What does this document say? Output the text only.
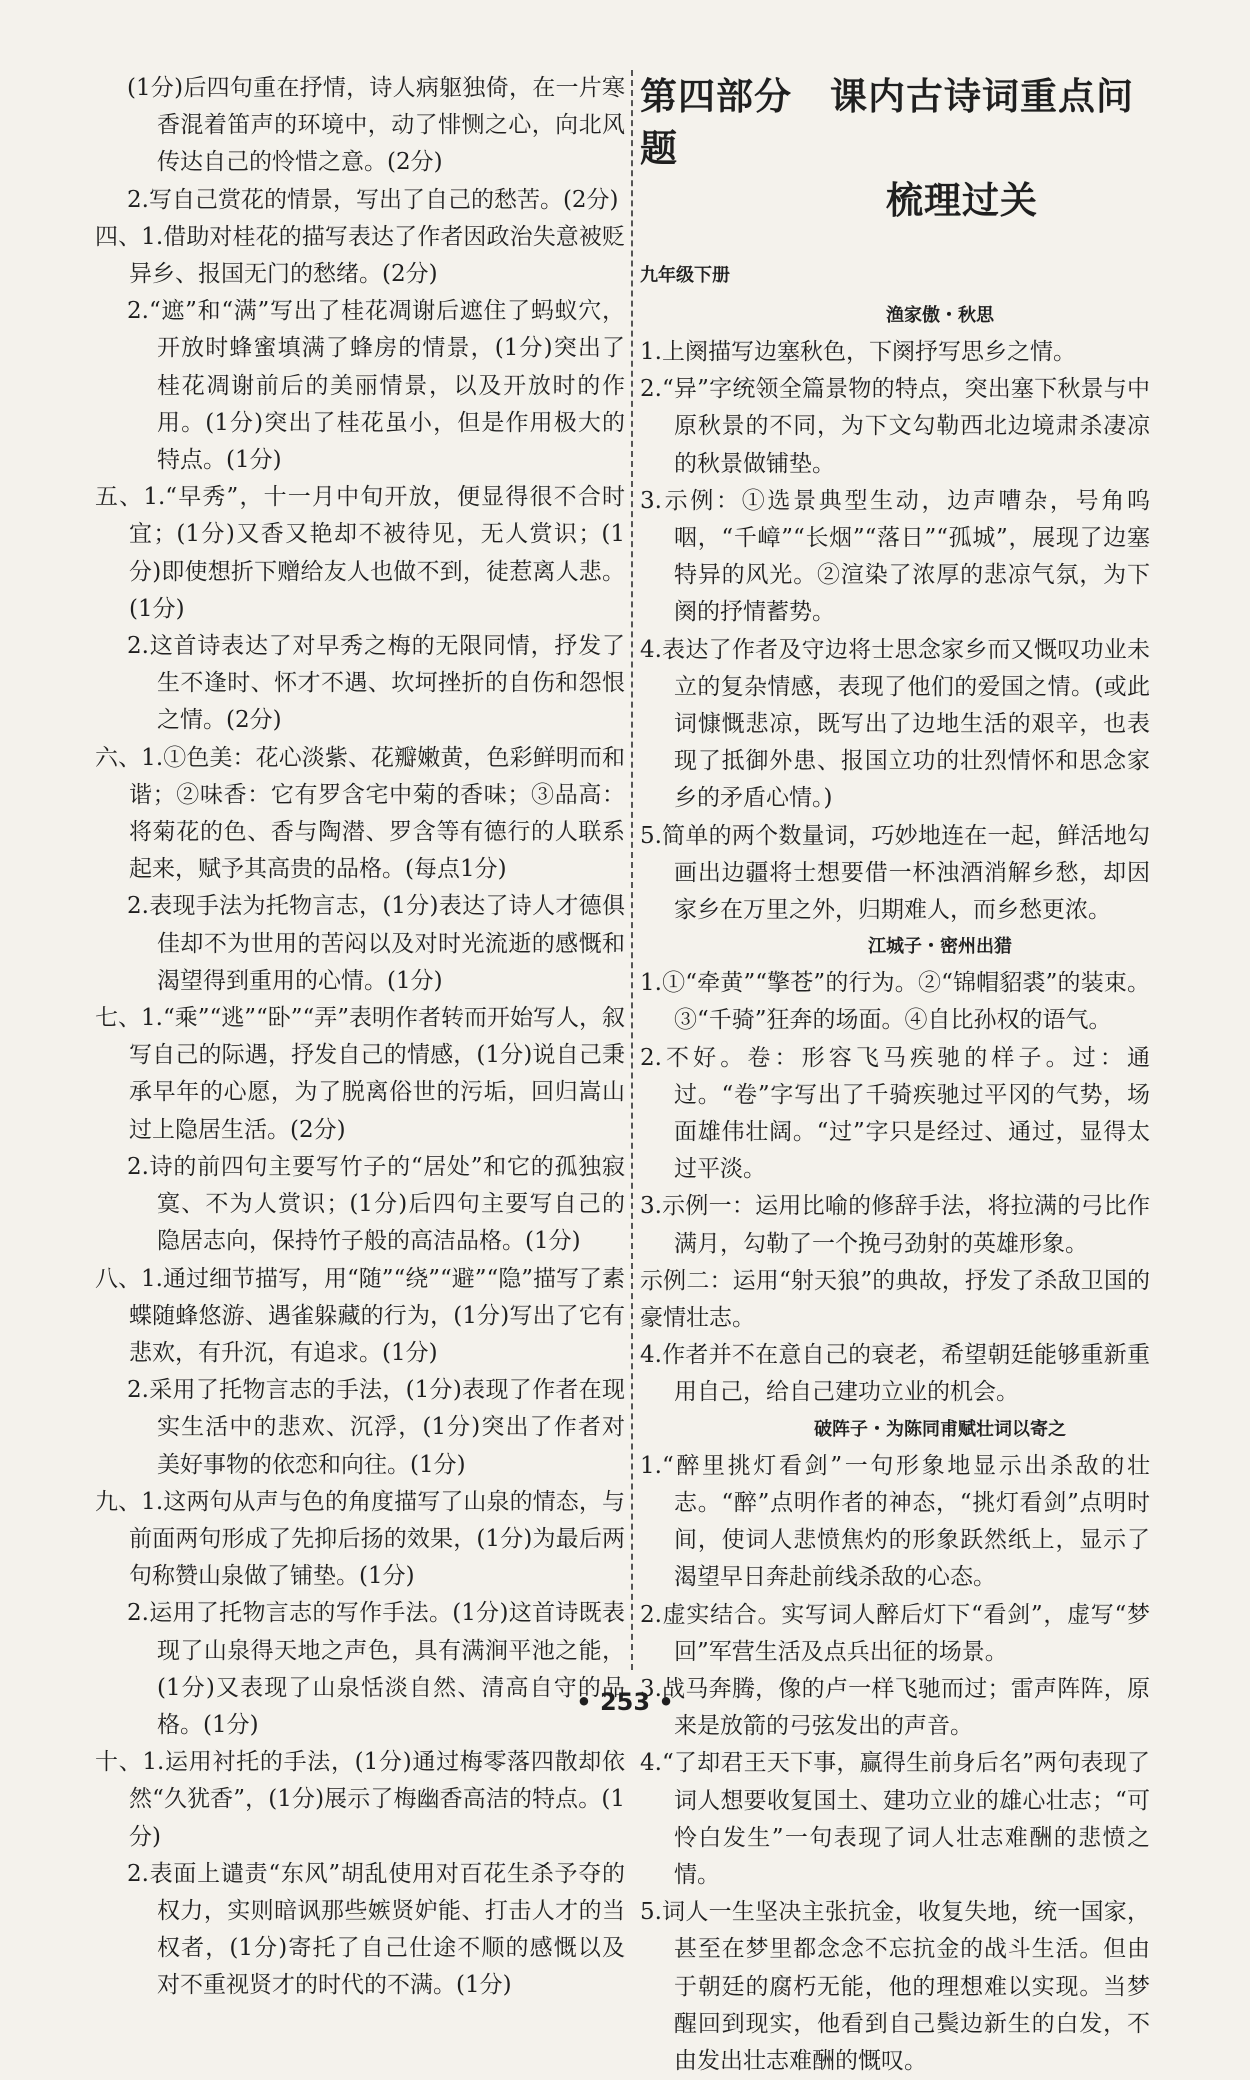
(1分)后四句重在抒情，诗人病躯独倚，在一片寒香混着笛声的环境中，动了悱恻之心，向北风传达自己的怜惜之意。(2分)

2.写自己赏花的情景，写出了自己的愁苦。(2分)

四、1.借助对桂花的描写表达了作者因政治失意被贬异乡、报国无门的愁绪。(2分)

2.“遮”和“满”写出了桂花凋谢后遮住了蚂蚁穴，开放时蜂蜜填满了蜂房的情景，(1分)突出了桂花凋谢前后的美丽情景，以及开放时的作用。(1分)突出了桂花虽小，但是作用极大的特点。(1分)

五、1.“早秀”，十一月中旬开放，便显得很不合时宜；(1分)又香又艳却不被待见，无人赏识；(1分)即使想折下赠给友人也做不到，徒惹离人悲。(1分)

2.这首诗表达了对早秀之梅的无限同情，抒发了生不逢时、怀才不遇、坎坷挫折的自伤和怨恨之情。(2分)

六、1.①色美：花心淡紫、花瓣嫩黄，色彩鲜明而和谐；②味香：它有罗含宅中菊的香味；③品高：将菊花的色、香与陶潜、罗含等有德行的人联系起来，赋予其高贵的品格。(每点1分)

2.表现手法为托物言志，(1分)表达了诗人才德俱佳却不为世用的苦闷以及对时光流逝的感慨和渴望得到重用的心情。(1分)

七、1.“乘”“逃”“卧”“弄”表明作者转而开始写人，叙写自己的际遇，抒发自己的情感，(1分)说自己秉承早年的心愿，为了脱离俗世的污垢，回归嵩山过上隐居生活。(2分)

2.诗的前四句主要写竹子的“居处”和它的孤独寂寞、不为人赏识；(1分)后四句主要写自己的隐居志向，保持竹子般的高洁品格。(1分)

八、1.通过细节描写，用“随”“绕”“避”“隐”描写了素蝶随蜂悠游、遇雀躲藏的行为，(1分)写出了它有悲欢，有升沉，有追求。(1分)

2.采用了托物言志的手法，(1分)表现了作者在现实生活中的悲欢、沉浮，(1分)突出了作者对美好事物的依恋和向往。(1分)

九、1.这两句从声与色的角度描写了山泉的情态，与前面两句形成了先抑后扬的效果，(1分)为最后两句称赞山泉做了铺垫。(1分)

2.运用了托物言志的写作手法。(1分)这首诗既表现了山泉得天地之声色，具有满涧平池之能，(1分)又表现了山泉恬淡自然、清高自守的品格。(1分)

十、1.运用衬托的手法，(1分)通过梅零落四散却依然“久犹香”，(1分)展示了梅幽香高洁的特点。(1分)

2.表面上谴责“东风”胡乱使用对百花生杀予夺的权力，实则暗讽那些嫉贤妒能、打击人才的当权者，(1分)寄托了自己仕途不顺的感慨以及对不重视贤才的时代的不满。(1分)

第四部分　课内古诗词重点问题
梳理过关
九年级下册
渔家傲・秋思

1.上阕描写边塞秋色，下阕抒写思乡之情。

2.“异”字统领全篇景物的特点，突出塞下秋景与中原秋景的不同，为下文勾勒西北边境肃杀凄凉的秋景做铺垫。

3.示例：①选景典型生动，边声嘈杂，号角呜咽，“千嶂”“长烟”“落日”“孤城”，展现了边塞特异的风光。②渲染了浓厚的悲凉气氛，为下阕的抒情蓄势。

4.表达了作者及守边将士思念家乡而又慨叹功业未立的复杂情感，表现了他们的爱国之情。(或此词慷慨悲凉，既写出了边地生活的艰辛，也表现了抵御外患、报国立功的壮烈情怀和思念家乡的矛盾心情。)

5.简单的两个数量词，巧妙地连在一起，鲜活地勾画出边疆将士想要借一杯浊酒消解乡愁，却因家乡在万里之外，归期难人，而乡愁更浓。

江城子・密州出猎

1.①“牵黄”“擎苍”的行为。②“锦帽貂裘”的装束。③“千骑”狂奔的场面。④自比孙权的语气。

2.不好。卷：形容飞马疾驰的样子。过：通过。“卷”字写出了千骑疾驰过平冈的气势，场面雄伟壮阔。“过”字只是经过、通过，显得太过平淡。

3.示例一：运用比喻的修辞手法，将拉满的弓比作满月，勾勒了一个挽弓劲射的英雄形象。

示例二：运用“射天狼”的典故，抒发了杀敌卫国的豪情壮志。

4.作者并不在意自己的衰老，希望朝廷能够重新重用自己，给自己建功立业的机会。

破阵子・为陈同甫赋壮词以寄之

1.“醉里挑灯看剑”一句形象地显示出杀敌的壮志。“醉”点明作者的神态，“挑灯看剑”点明时间，使词人悲愤焦灼的形象跃然纸上，显示了渴望早日奔赴前线杀敌的心态。

2.虚实结合。实写词人醉后灯下“看剑”，虚写“梦回”军营生活及点兵出征的场景。

3.战马奔腾，像的卢一样飞驰而过；雷声阵阵，原来是放箭的弓弦发出的声音。

4.“了却君王天下事，赢得生前身后名”两句表现了词人想要收复国土、建功立业的雄心壮志；“可怜白发生”一句表现了词人壮志难酬的悲愤之情。

5.词人一生坚决主张抗金，收复失地，统一国家，甚至在梦里都念念不忘抗金的战斗生活。但由于朝廷的腐朽无能，他的理想难以实现。当梦醒回到现实，他看到自己鬓边新生的白发，不由发出壮志难酬的慨叹。

• 253 •
